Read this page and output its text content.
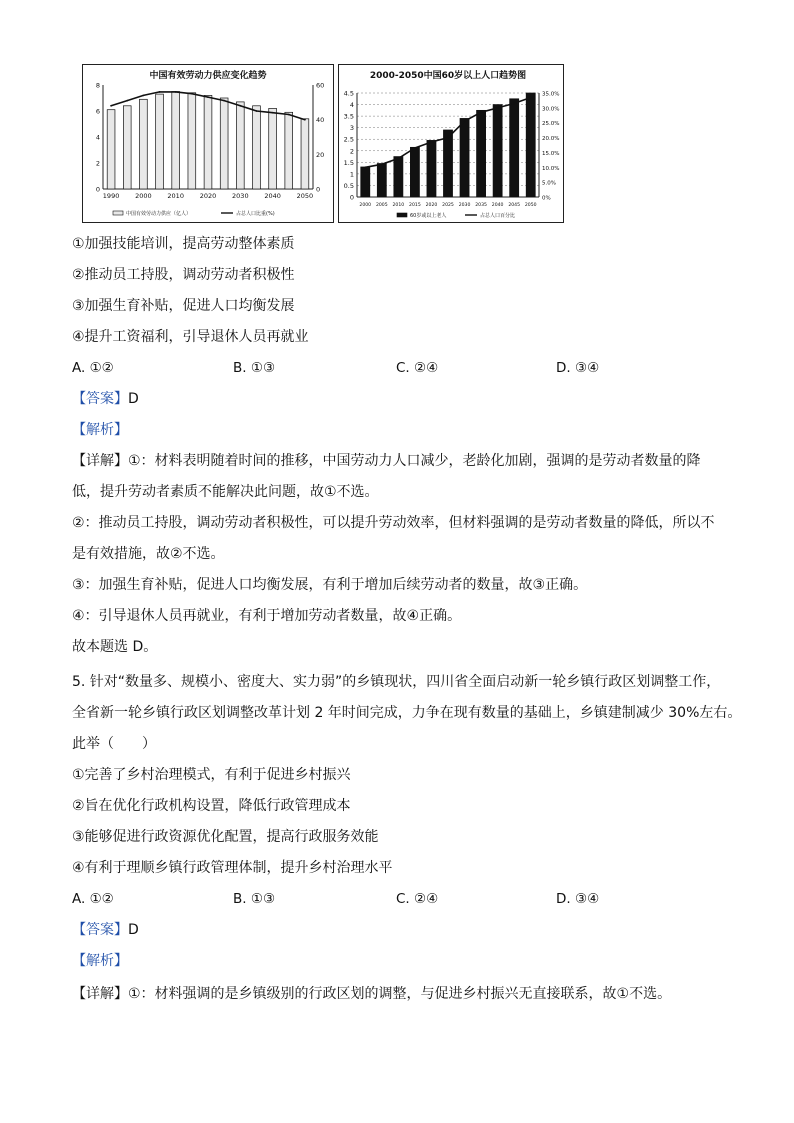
中国有效劳动力供应变化趋势
8
6
4
2
0
60
40
20
0
1990 2000 2010 2020 2030 2040 2050
中国有效劳动力供应（亿人）	占总人口比重(%)
2000-2050中国60岁以上人口趋势图
4.5
4
3.5
3
2.5
2
1.5
1
0.5
0
35.0%
30.0%
25.0%
20.0%
15.0%
10.0%
5.0%
0%
2000 2005 2010 2015 2020 2025 2030 2035 2040 2045 2050
60岁或以上老人	占总人口百分比
①加强技能培训，提高劳动整体素质
②推动员工持股，调动劳动者积极性
③加强生育补贴，促进人口均衡发展
④提升工资福利，引导退休人员再就业
A. ①②	B. ①③	C. ②④	D. ③④
【答案】D
【解析】
【详解】①：材料表明随着时间的推移，中国劳动力人口减少，老龄化加剧，强调的是劳动者数量的降
低，提升劳动者素质不能解决此问题，故①不选。
②：推动员工持股，调动劳动者积极性，可以提升劳动效率，但材料强调的是劳动者数量的降低，所以不
是有效措施，故②不选。
③：加强生育补贴，促进人口均衡发展，有利于增加后续劳动者的数量，故③正确。
④：引导退休人员再就业，有利于增加劳动者数量，故④正确。
故本题选 D。
5. 针对“数量多、规模小、密度大、实力弱”的乡镇现状，四川省全面启动新一轮乡镇行政区划调整工作，
全省新一轮乡镇行政区划调整改革计划 2 年时间完成，力争在现有数量的基础上，乡镇建制减少 30%左右。
此举（　　）
①完善了乡村治理模式，有利于促进乡村振兴
②旨在优化行政机构设置，降低行政管理成本
③能够促进行政资源优化配置，提高行政服务效能
④有利于理顺乡镇行政管理体制，提升乡村治理水平
A. ①②	B. ①③	C. ②④	D. ③④
【答案】D
【解析】
【详解】①：材料强调的是乡镇级别的行政区划的调整，与促进乡村振兴无直接联系，故①不选。
